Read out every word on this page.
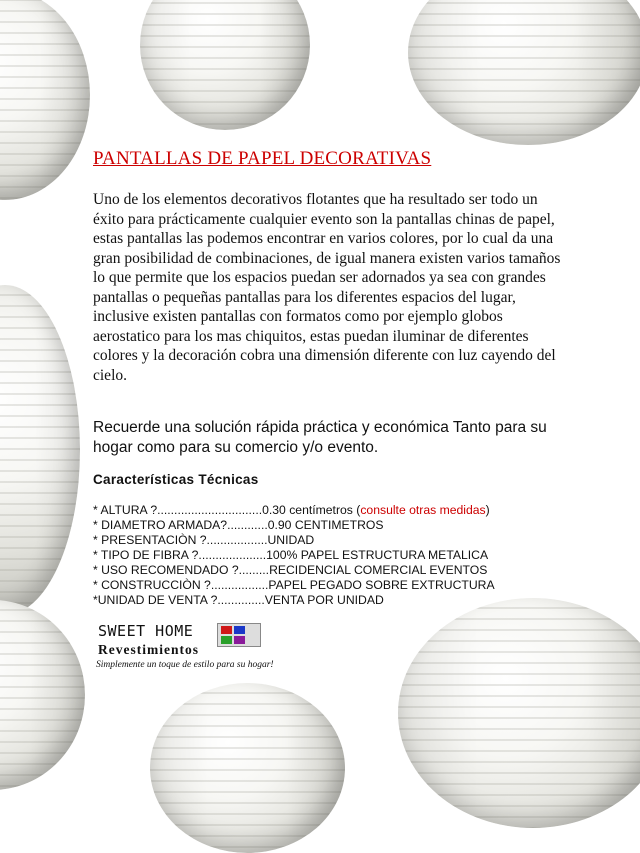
PANTALLAS DE PAPEL DECORATIVAS

Uno de los elementos decorativos flotantes que ha resultado ser todo un éxito para prácticamente cualquier evento son la pantallas chinas de papel, estas pantallas las podemos encontrar en varios colores, por lo cual da una gran posibilidad de combinaciones, de igual manera existen varios tamaños lo que permite que los espacios puedan ser adornados ya sea con grandes pantallas o pequeñas pantallas para los diferentes espacios del lugar, inclusive existen pantallas con formatos como por ejemplo globos aerostatico para los mas chiquitos, estas puedan iluminar de diferentes colores y la decoración cobra una dimensión diferente con luz cayendo del cielo.

Recuerde una solución rápida práctica y económica Tanto para su hogar como para su comercio y/o evento.

Características Técnicas
* ALTURA ?...............................0.30 centímetros (consulte otras medidas)
* DIAMETRO ARMADA?............0.90 CENTIMETROS
* PRESENTACIÒN ?..................UNIDAD
* TIPO DE FIBRA ?....................100% PAPEL ESTRUCTURA METALICA
* USO RECOMENDADO ?.........RECIDENCIAL COMERCIAL EVENTOS
* CONSTRUCCIÒN ?.................PAPEL PEGADO SOBRE EXTRUCTURA
*UNIDAD DE VENTA ?..............VENTA POR UNIDAD
SWEET HOME
Revestimientos
Simplemente un toque de estilo para su hogar!
